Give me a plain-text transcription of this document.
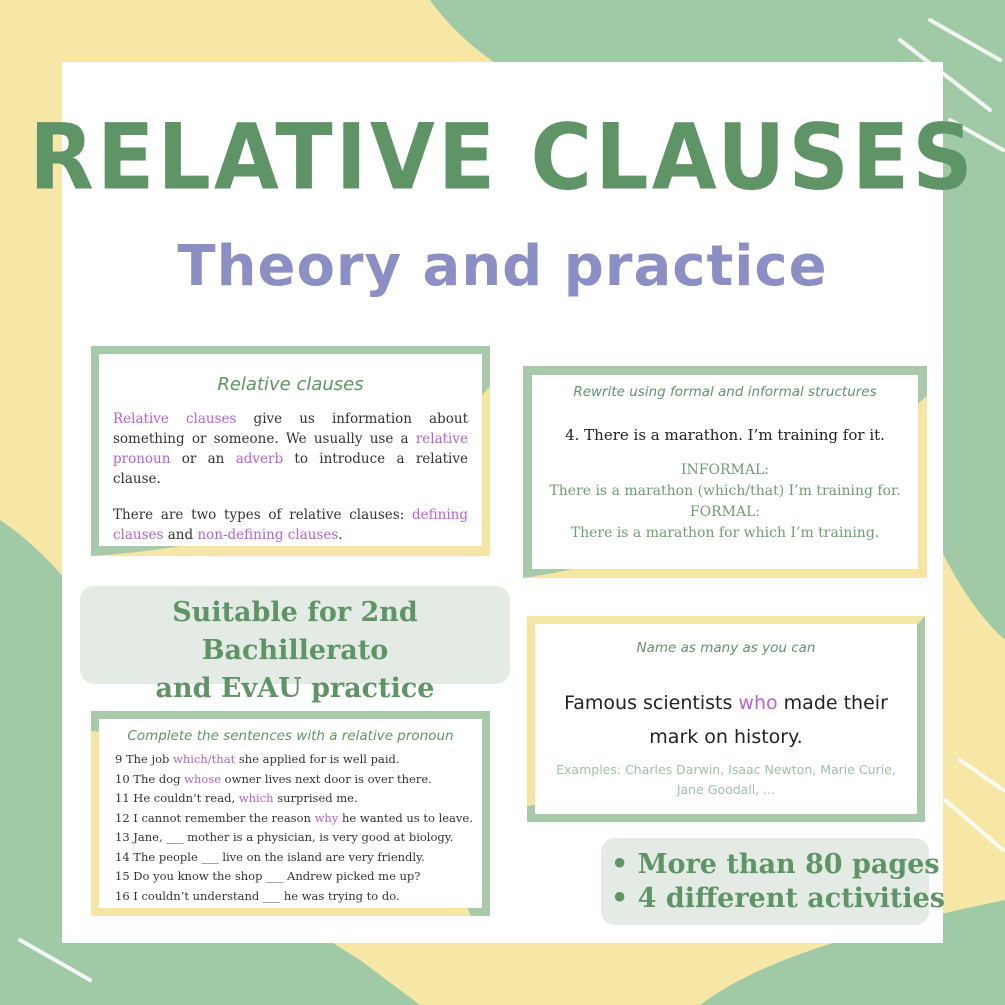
RELATIVE CLAUSES
Theory and practice
Relative clauses
Relative clauses give us information about something or someone. We usually use a relative pronoun or an adverb to introduce a relative clause.
There are two types of relative clauses: defining clauses and non-defining clauses.
Rewrite using formal and informal structures
4. There is a marathon. I’m training for it.
INFORMAL:
There is a marathon (which/that) I’m training for.
FORMAL:
There is a marathon for which I’m training.
Suitable for 2nd Bachillerato
and EvAU practice
Name as many as you can
Famous scientists who made their
mark on history.
Examples: Charles Darwin, Isaac Newton, Marie Curie, Jane Goodall, ...
Complete the sentences with a relative pronoun
9 The job which/that she applied for is well paid.
10 The dog whose owner lives next door is over there.
11 He couldn’t read, which surprised me.
12 I cannot remember the reason why he wanted us to leave.
13 Jane, ___ mother is a physician, is very good at biology.
14 The people ___ live on the island are very friendly.
15 Do you know the shop ___ Andrew picked me up?
16 I couldn’t understand ___ he was trying to do.
• More than 80 pages
• 4 different activities
